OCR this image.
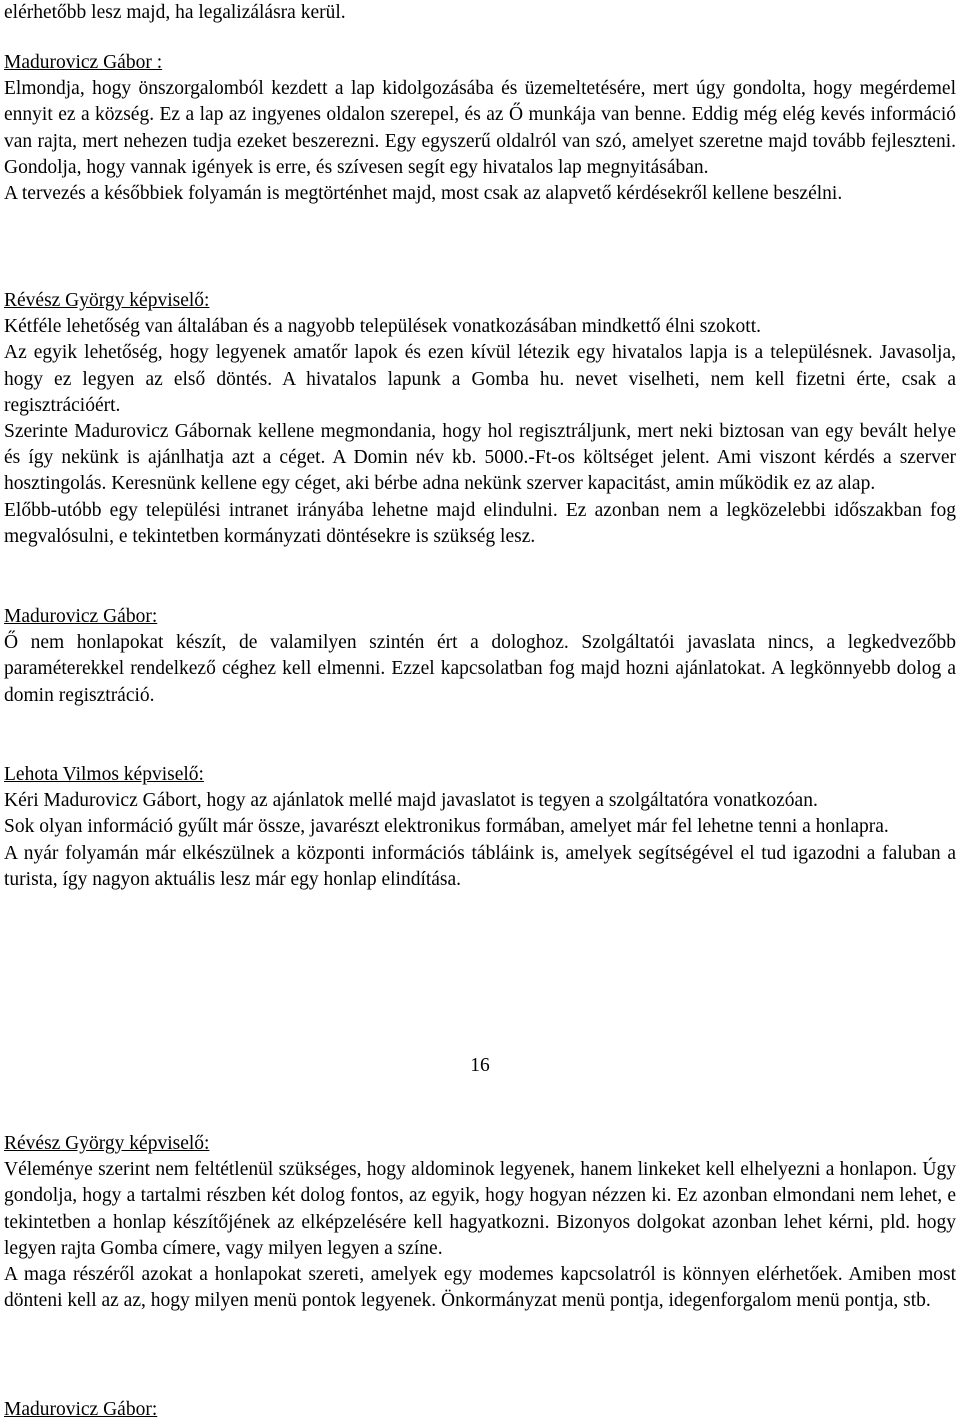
elérhetőbb lesz majd, ha legalizálásra kerül.

Madurovicz Gábor :

Elmondja, hogy önszorgalomból kezdett a lap kidolgozásába és üzemeltetésére, mert úgy gondolta, hogy megérdemel ennyit ez a község. Ez a lap az ingyenes oldalon szerepel, és az Ő munkája van benne. Eddig még elég kevés információ van rajta, mert nehezen tudja ezeket beszerezni. Egy egyszerű oldalról van szó, amelyet szeretne majd tovább fejleszteni. Gondolja, hogy vannak igények is erre, és szívesen segít egy hivatalos lap megnyitásában.

A tervezés a későbbiek folyamán is megtörténhet majd, most csak az alapvető kérdésekről kellene beszélni.

Révész György képviselő:

Kétféle lehetőség van általában és a nagyobb települések vonatkozásában mindkettő élni szokott.

Az egyik lehetőség, hogy legyenek amatőr lapok és ezen kívül létezik egy hivatalos lapja is a településnek. Javasolja, hogy ez legyen az első döntés. A hivatalos lapunk a Gomba hu. nevet viselheti, nem kell fizetni érte, csak a regisztrációért.

Szerinte Madurovicz Gábornak kellene megmondania, hogy hol regisztráljunk, mert neki biztosan van egy bevált helye és így nekünk is ajánlhatja azt a céget. A Domin név kb. 5000.-Ft-os költséget jelent. Ami viszont kérdés a szerver hosztingolás. Keresnünk kellene egy céget, aki bérbe adna nekünk szerver kapacitást, amin működik ez az alap.

Előbb-utóbb egy települési intranet irányába lehetne majd elindulni. Ez azonban nem a legközelebbi időszakban fog megvalósulni, e tekintetben kormányzati döntésekre is szükség lesz.

Madurovicz Gábor:

Ő nem honlapokat készít, de valamilyen szintén ért a dologhoz. Szolgáltatói javaslata nincs, a legkedvezőbb paraméterekkel rendelkező céghez kell elmenni. Ezzel kapcsolatban fog majd hozni ajánlatokat. A legkönnyebb dolog a domin regisztráció.

Lehota Vilmos képviselő:

Kéri Madurovicz Gábort, hogy az ajánlatok mellé majd javaslatot is tegyen a szolgáltatóra vonatkozóan.

Sok olyan információ gyűlt már össze, javarészt elektronikus formában, amelyet már fel lehetne tenni a honlapra.

A nyár folyamán már elkészülnek a központi információs tábláink is, amelyek segítségével el tud igazodni a faluban a turista, így nagyon aktuális lesz már egy honlap elindítása.

16

Révész György képviselő:

Véleménye szerint nem feltétlenül szükséges, hogy aldominok legyenek, hanem linkeket kell elhelyezni a honlapon. Úgy gondolja, hogy a tartalmi részben két dolog fontos, az egyik, hogy hogyan nézzen ki. Ez azonban elmondani nem lehet, e tekintetben a honlap készítőjének az elképzelésére kell hagyatkozni. Bizonyos dolgokat azonban lehet kérni, pld. hogy legyen rajta Gomba címere, vagy milyen legyen a színe.

A maga részéről azokat a honlapokat szereti, amelyek egy modemes kapcsolatról is könnyen elérhetőek. Amiben most dönteni kell az az, hogy milyen menü pontok legyenek. Önkormányzat menü pontja, idegenforgalom menü pontja, stb.

Madurovicz Gábor:
